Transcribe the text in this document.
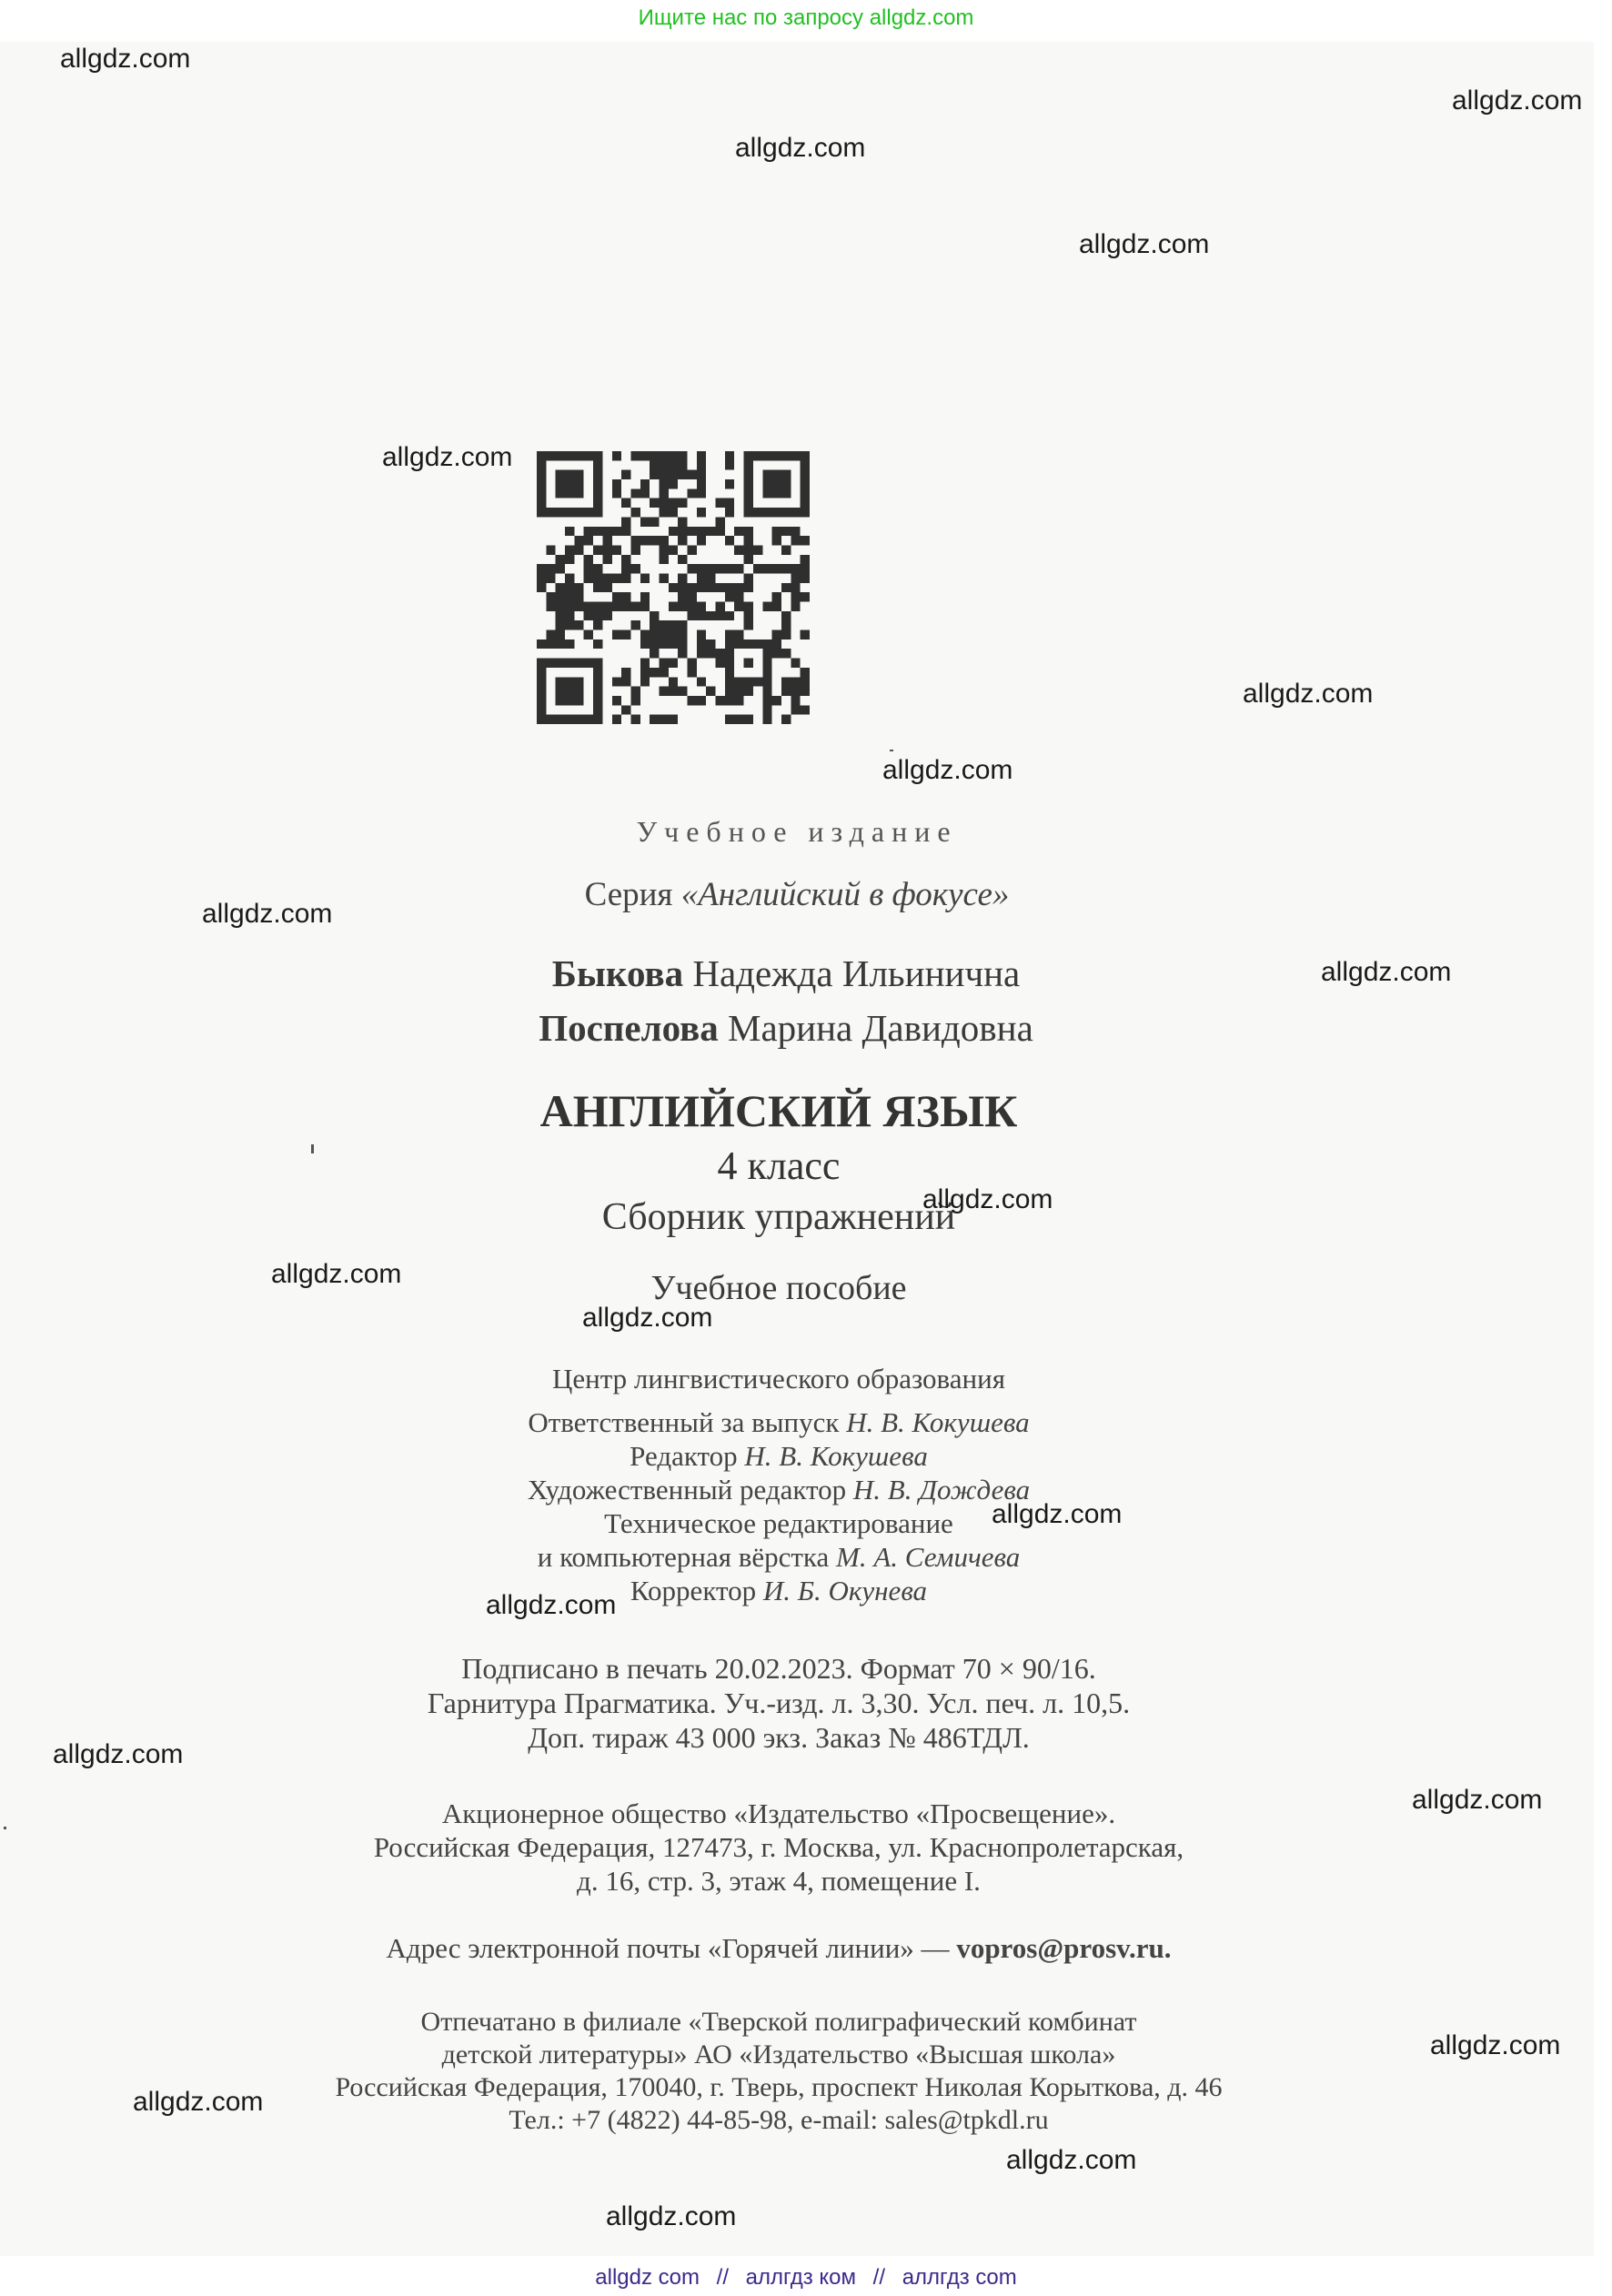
Ищите нас по запросу allgdz.com
Учебное издание
Серия «Английский в фокусе»
Быкова Надежда Ильинична
Поспелова Марина Давидовна
АНГЛИЙСКИЙ ЯЗЫК
4 класс
Сборник упражнений
Учебное пособие
Центр лингвистического образования
Ответственный за выпуск Н. В. Кокушева
Редактор Н. В. Кокушева
Художественный редактор Н. В. Дождева
Техническое редактирование
и компьютерная вёрстка М. А. Семичева
Корректор И. Б. Окунева
Подписано в печать 20.02.2023. Формат 70 × 90/16.
Гарнитура Прагматика. Уч.-изд. л. 3,30. Усл. печ. л. 10,5.
Доп. тираж 43 000 экз. Заказ № 486ТДЛ.
Акционерное общество «Издательство «Просвещение».
Российская Федерация, 127473, г. Москва, ул. Краснопролетарская,
д. 16, стр. 3, этаж 4, помещение I.
Адрес электронной почты «Горячей линии» — vopros@prosv.ru.
Отпечатано в филиале «Тверской полиграфический комбинат
детской литературы» АО «Издательство «Высшая школа»
Российская Федерация, 170040, г. Тверь, проспект Николая Корыткова, д. 46
Тел.: +7 (4822) 44-85-98, e-mail: sales@tpkdl.ru
allgdz.com
allgdz.com
allgdz.com
allgdz.com
allgdz.com
allgdz.com
allgdz.com
allgdz.com
allgdz.com
allgdz.com
allgdz.com
allgdz.com
allgdz.com
allgdz.com
allgdz.com
allgdz.com
allgdz.com
allgdz.com
allgdz.com
allgdz.com
allgdz com // аллгдз ком // аллгдз com
